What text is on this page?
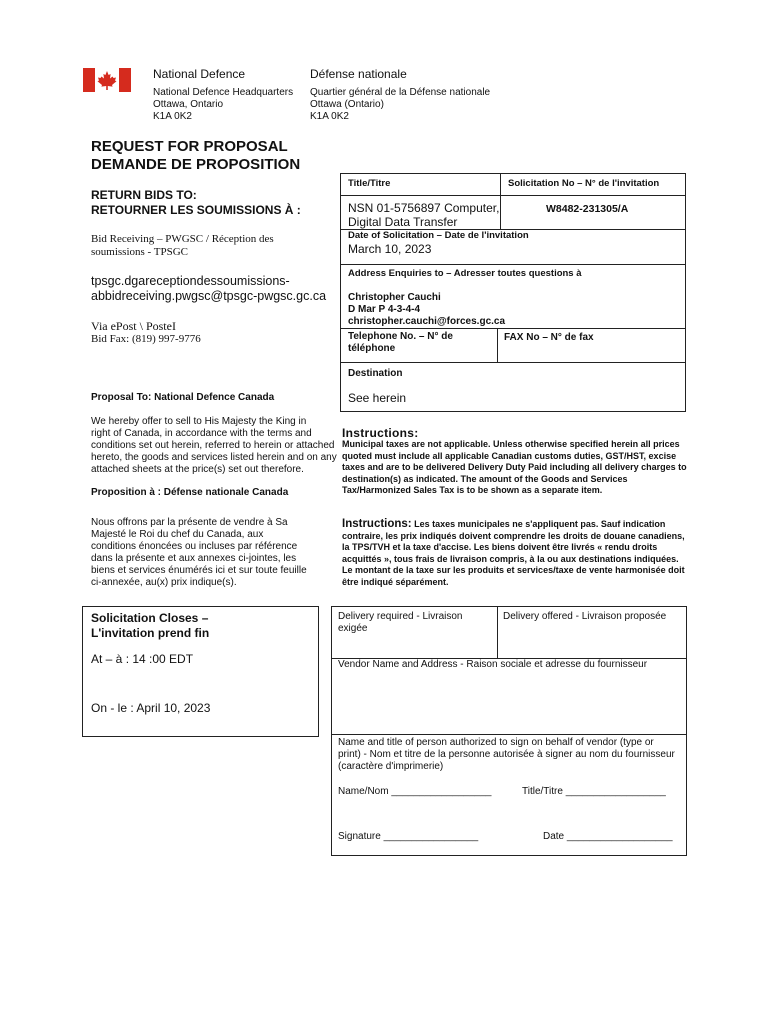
National Defence	Défense nationale
National Defence Headquarters
Ottawa, Ontario
K1A 0K2
Quartier général de la Défense nationale
Ottawa (Ontario)
K1A 0K2
REQUEST FOR PROPOSAL
DEMANDE DE PROPOSITION
RETURN BIDS TO:
RETOURNER LES SOUMISSIONS À :
Bid Receiving – PWGSC / Réception des
soumissions - TPSGC
tpsgc.dgareceptiondessoumissions-
abbidreceiving.pwgsc@tpsgc-pwgsc.gc.ca
Via ePost \ PosteI
Bid Fax: (819) 997-9776
Proposal To: National Defence Canada
We hereby offer to sell to His Majesty the King in
right of Canada, in accordance with the terms and
conditions set out herein, referred to herein or attached
hereto, the goods and services listed herein and on any
attached sheets at the price(s) set out therefore.
Proposition à : Défense nationale Canada
Nous offrons par la présente de vendre à Sa
Majesté le Roi du chef du Canada, aux
conditions énoncées ou incluses par référence
dans la présente et aux annexes ci-jointes, les
biens et services énumérés ici et sur toute feuille
ci-annexée, au(x) prix indique(s).
Title/Titre	Solicitation No – N° de l'invitation
NSN 01-5756897 Computer,
Digital Data Transfer
W8482-231305/A
Date of Solicitation – Date de l'invitation
March 10, 2023
Address Enquiries to – Adresser toutes questions à
Christopher Cauchi
D Mar P 4-3-4-4
christopher.cauchi@forces.gc.ca
Telephone No. – N° de
téléphone
FAX No – N° de fax
Destination
See herein
Instructions:
Municipal taxes are not applicable. Unless otherwise specified herein all prices quoted must include all applicable Canadian customs duties, GST/HST, excise taxes and are to be delivered Delivery Duty Paid including all delivery charges to destination(s) as indicated. The amount of the Goods and Services Tax/Harmonized Sales Tax is to be shown as a separate item.
Instructions: Les taxes municipales ne s'appliquent pas. Sauf indication contraire, les prix indiqués doivent comprendre les droits de douane canadiens, la TPS/TVH et la taxe d'accise. Les biens doivent être livrés « rendu droits acquittés », tous frais de livraison compris, à la ou aux destinations indiquées. Le montant de la taxe sur les produits et services/taxe de vente harmonisée doit être indiqué séparément.
Solicitation Closes –
L'invitation prend fin
At – à : 14 :00 EDT
On - le : April 10, 2023
Delivery required - Livraison
exigée
Delivery offered - Livraison proposée
Vendor Name and Address - Raison sociale et adresse du fournisseur
Name and title of person authorized to sign on behalf of vendor (type or
print) - Nom et titre de la personne autorisée à signer au nom du fournisseur
(caractère d'imprimerie)
Name/Nom __________________	Title/Titre __________________
Signature _________________	Date ___________________
